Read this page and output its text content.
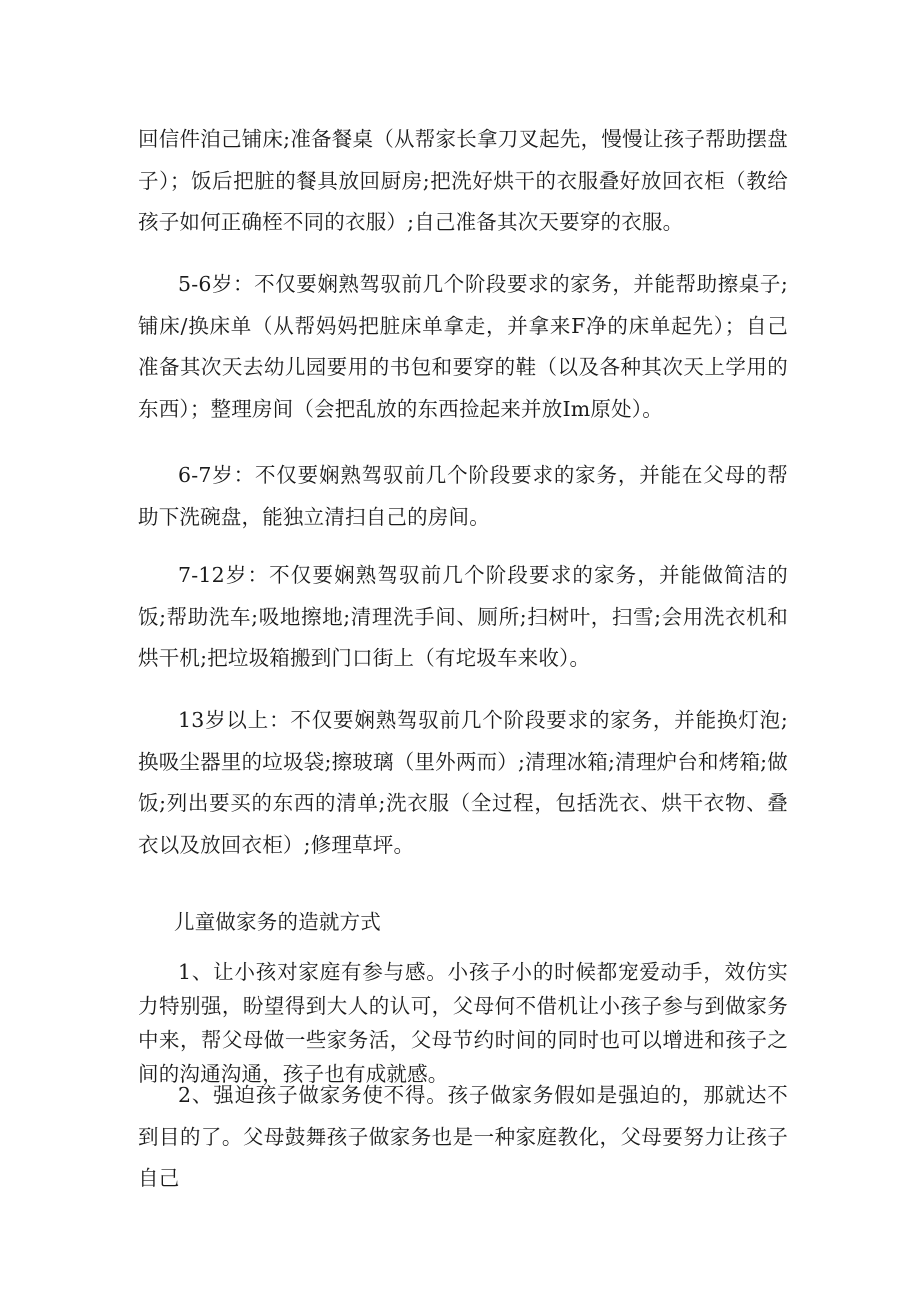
回信件洎己铺床;准备餐桌（从帮家长拿刀叉起先，慢慢让孩子帮助摆盘子）；饭后把脏的餐具放回厨房;把洗好烘干的衣服叠好放回衣柜（教给孩子如何正确桎不同的衣服）;自己准备其次天要穿的衣服。

5-6岁：不仅要娴熟驾驭前几个阶段要求的家务，并能帮助擦桌子;铺床/换床单（从帮妈妈把脏床单拿走，并拿来F净的床单起先）；自己准备其次天去幼儿园要用的书包和要穿的鞋（以及各种其次天上学用的东西）；整理房间（会把乱放的东西捡起来并放Im原处）。

6-7岁：不仅要娴熟驾驭前几个阶段要求的家务，并能在父母的帮助下洗碗盘，能独立清扫自己的房间。

7-12岁：不仅要娴熟驾驭前几个阶段要求的家务，并能做简洁的饭;帮助洗车;吸地擦地;清理洗手间、厕所;扫树叶，扫雪;会用洗衣机和烘干机;把垃圾箱搬到门口街上（有坨圾车来收）。

13岁以上：不仅要娴熟驾驭前几个阶段要求的家务，并能换灯泡;换吸尘器里的垃圾袋;擦玻璃（里外两而）;清理冰箱;清理炉台和烤箱;做饭;列出要买的东西的清单;洗衣服（全过程，包括洗衣、烘干衣物、叠衣以及放回衣柜）;修理草坪。

儿童做家务的造就方式

1、让小孩对家庭有参与感。小孩子小的时候都宠爱动手，效仿实力特别强，盼望得到大人的认可，父母何不借机让小孩子参与到做家务中来，帮父母做一些家务活，父母节约时间的同时也可以增进和孩子之间的沟通沟通，孩子也有成就感。

2、强迫孩子做家务使不得。孩子做家务假如是强迫的，那就达不到目的了。父母鼓舞孩子做家务也是一种家庭教化，父母要努力让孩子自己
